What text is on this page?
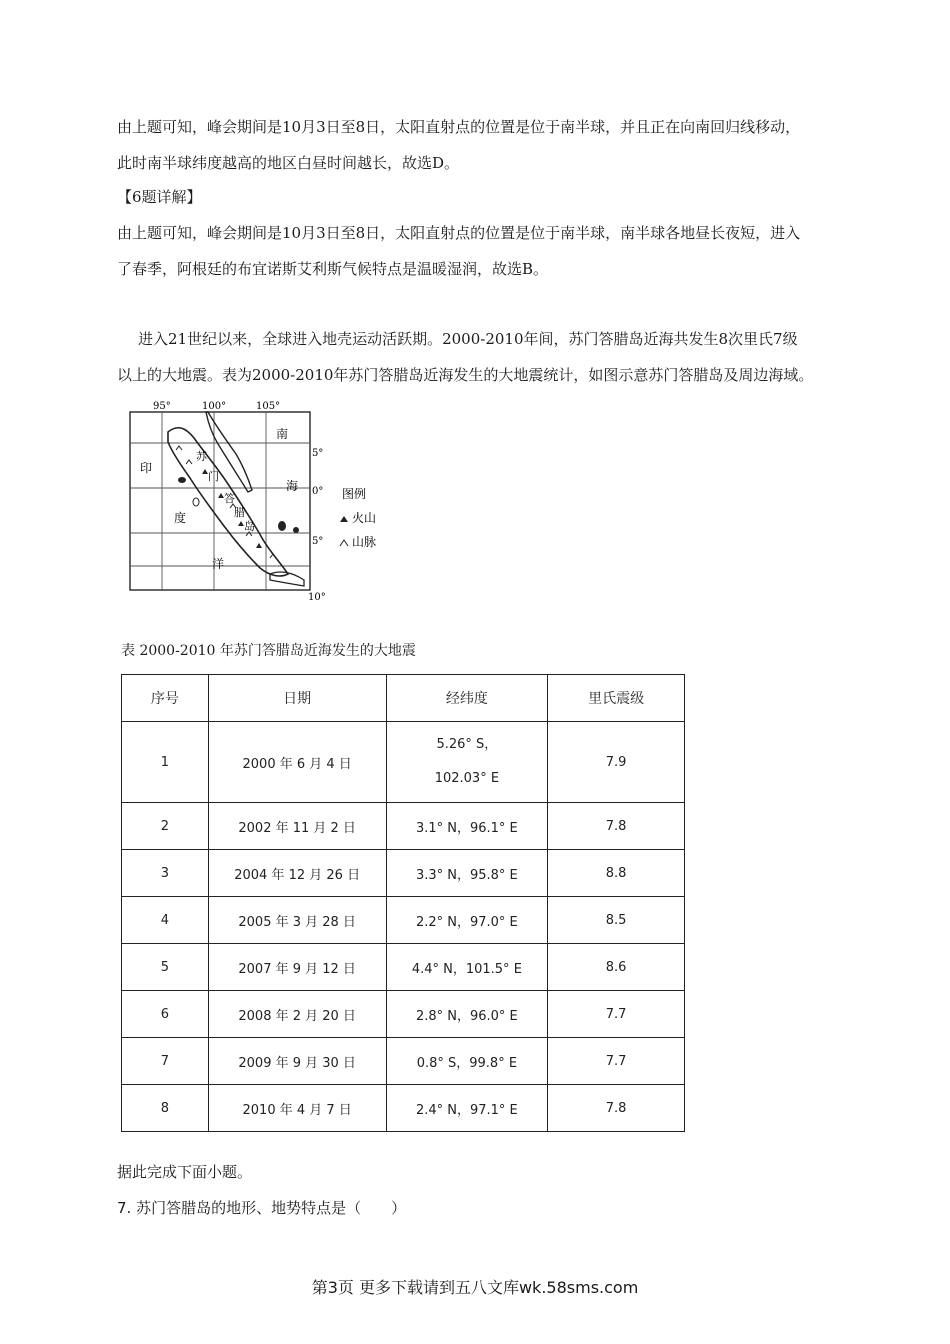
由上题可知，峰会期间是10月3日至8日，太阳直射点的位置是位于南半球，并且正在向南回归线移动，
此时南半球纬度越高的地区白昼时间越长，故选D。
【6题详解】
由上题可知，峰会期间是10月3日至8日，太阳直射点的位置是位于南半球，南半球各地昼长夜短，进入
了春季，阿根廷的布宜诺斯艾利斯气候特点是温暖湿润，故选B。
进入21世纪以来，全球进入地壳运动活跃期。2000-2010年间，苏门答腊岛近海共发生8次里氏7级
以上的大地震。表为2000-2010年苏门答腊岛近海发生的大地震统计，如图示意苏门答腊岛及周边海域。
95°	100°	105°
5°
0°
5°
10°
南
海
印
度
洋
苏
门
答
腊
岛
图例
火山
山脉
表 2000-2010 年苏门答腊岛近海发生的大地震
序号	日期	经纬度	里氏震级
1	2000 年 6 月 4 日	5.26° S，
102.03° E	7.9
2	2002 年 11 月 2 日	3.1° N，96.1° E	7.8
3	2004 年 12 月 26 日	3.3° N，95.8° E	8.8
4	2005 年 3 月 28 日	2.2° N，97.0° E	8.5
5	2007 年 9 月 12 日	4.4° N，101.5° E	8.6
6	2008 年 2 月 20 日	2.8° N，96.0° E	7.7
7	2009 年 9 月 30 日	0.8° S，99.8° E	7.7
8	2010 年 4 月 7 日	2.4° N，97.1° E	7.8
据此完成下面小题。
7. 苏门答腊岛的地形、地势特点是（　　）
第3页 更多下载请到五八文库wk.58sms.com
